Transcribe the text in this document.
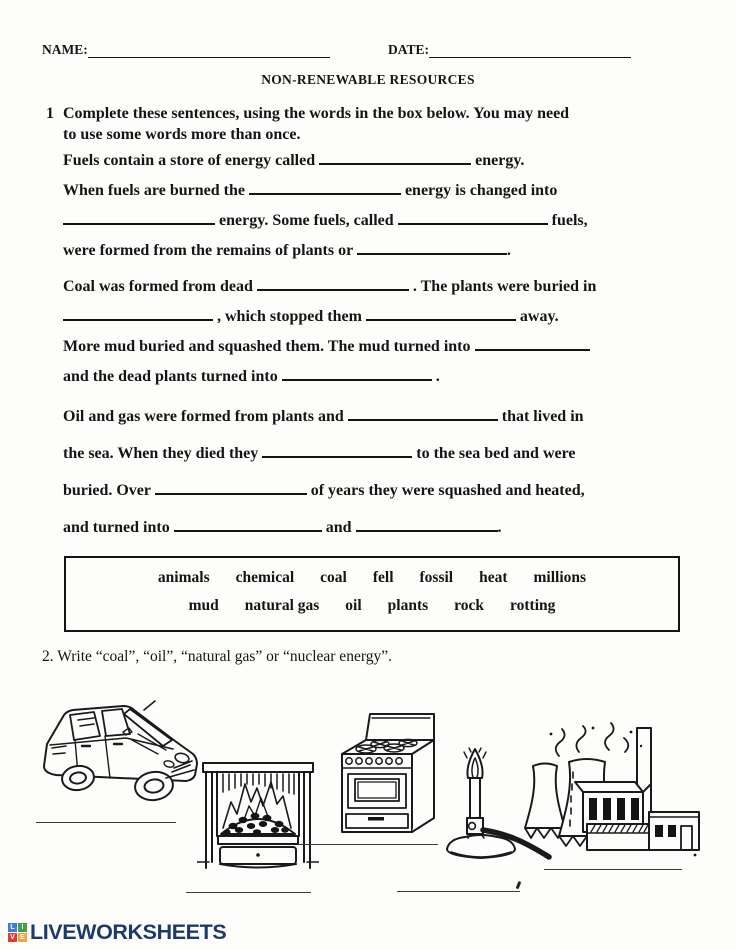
NAME:	DATE:
NON-RENEWABLE RESOURCES
1 Complete these sentences, using the words in the box below. You may need
to use some words more than once.
Fuels contain a store of energy called	energy.
When fuels are burned the	energy is changed into
energy. Some fuels, called	fuels,
were formed from the remains of plants or	.
Coal was formed from dead	. The plants were buried in
, which stopped them	away.
More mud buried and squashed them. The mud turned into
and the dead plants turned into	.
Oil and gas were formed from plants and	that lived in
the sea. When they died they	to the sea bed and were
buried. Over	of years they were squashed and heated,
and turned into	and	.
animals chemical coal fell fossil heat millions
mud natural gas oil plants rock rotting
2. Write “coal”, “oil”, “natural gas” or “nuclear energy”.
L I
V E LIVEWORKSHEETS
